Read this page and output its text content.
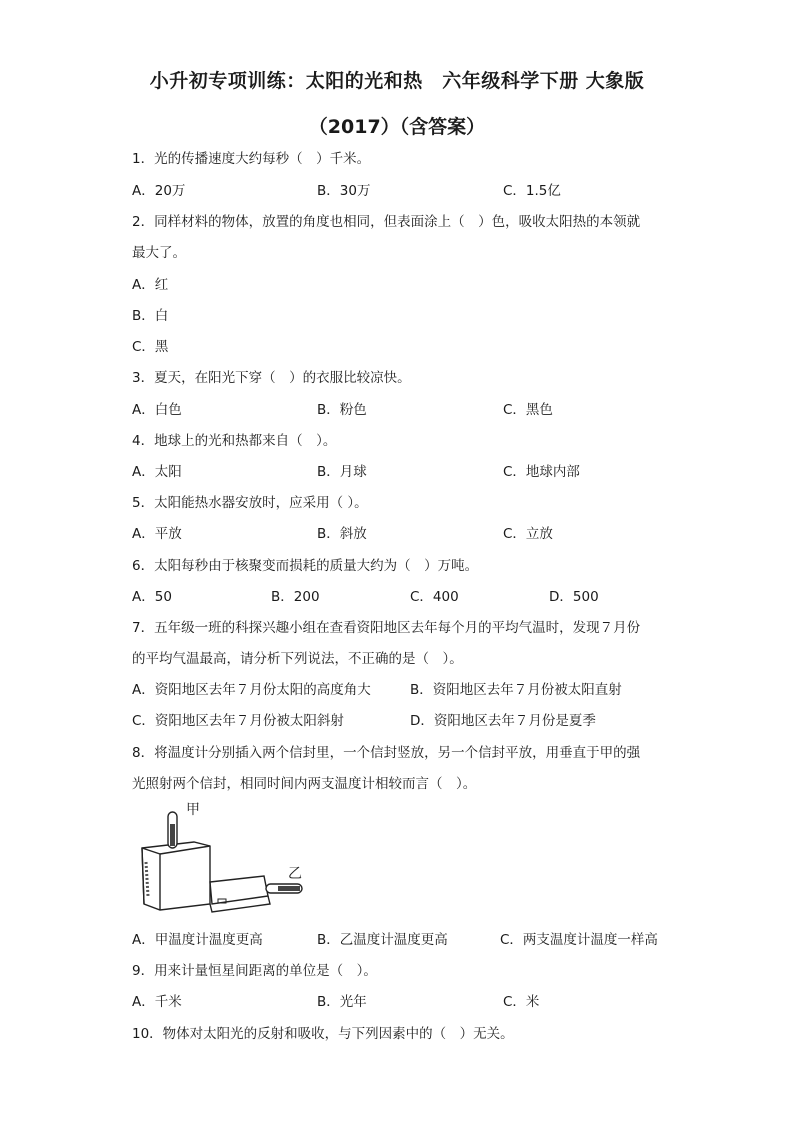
小升初专项训练：太阳的光和热　六年级科学下册 大象版
（2017）（含答案）
1．光的传播速度大约每秒（　）千米。
A．20万	B．30万	C．1.5亿
2．同样材料的物体，放置的角度也相同，但表面涂上（　）色，吸收太阳热的本领就
最大了。
A．红
B．白
C．黑
3．夏天，在阳光下穿（　）的衣服比较凉快。
A．白色	B．粉色	C．黑色
4．地球上的光和热都来自（　）。
A．太阳	B．月球	C．地球内部
5．太阳能热水器安放时，应采用（ ）。
A．平放	B．斜放	C．立放
6．太阳每秒由于核聚变而损耗的质量大约为（　）万吨。
A．50	B．200	C．400	D．500
7．五年级一班的科探兴趣小组在查看资阳地区去年每个月的平均气温时，发现７月份
的平均气温最高，请分析下列说法，不正确的是（　）。
A．资阳地区去年７月份太阳的高度角大	B．资阳地区去年７月份被太阳直射
C．资阳地区去年７月份被太阳斜射	D．资阳地区去年７月份是夏季
8．将温度计分别插入两个信封里，一个信封竖放，另一个信封平放，用垂直于甲的强
光照射两个信封，相同时间内两支温度计相较而言（　）。
甲
乙
A．甲温度计温度更高	B．乙温度计温度更高	C．两支温度计温度一样高
9．用来计量恒星间距离的单位是（　）。
A．千米	B．光年	C．米
10．物体对太阳光的反射和吸收，与下列因素中的（　）无关。
